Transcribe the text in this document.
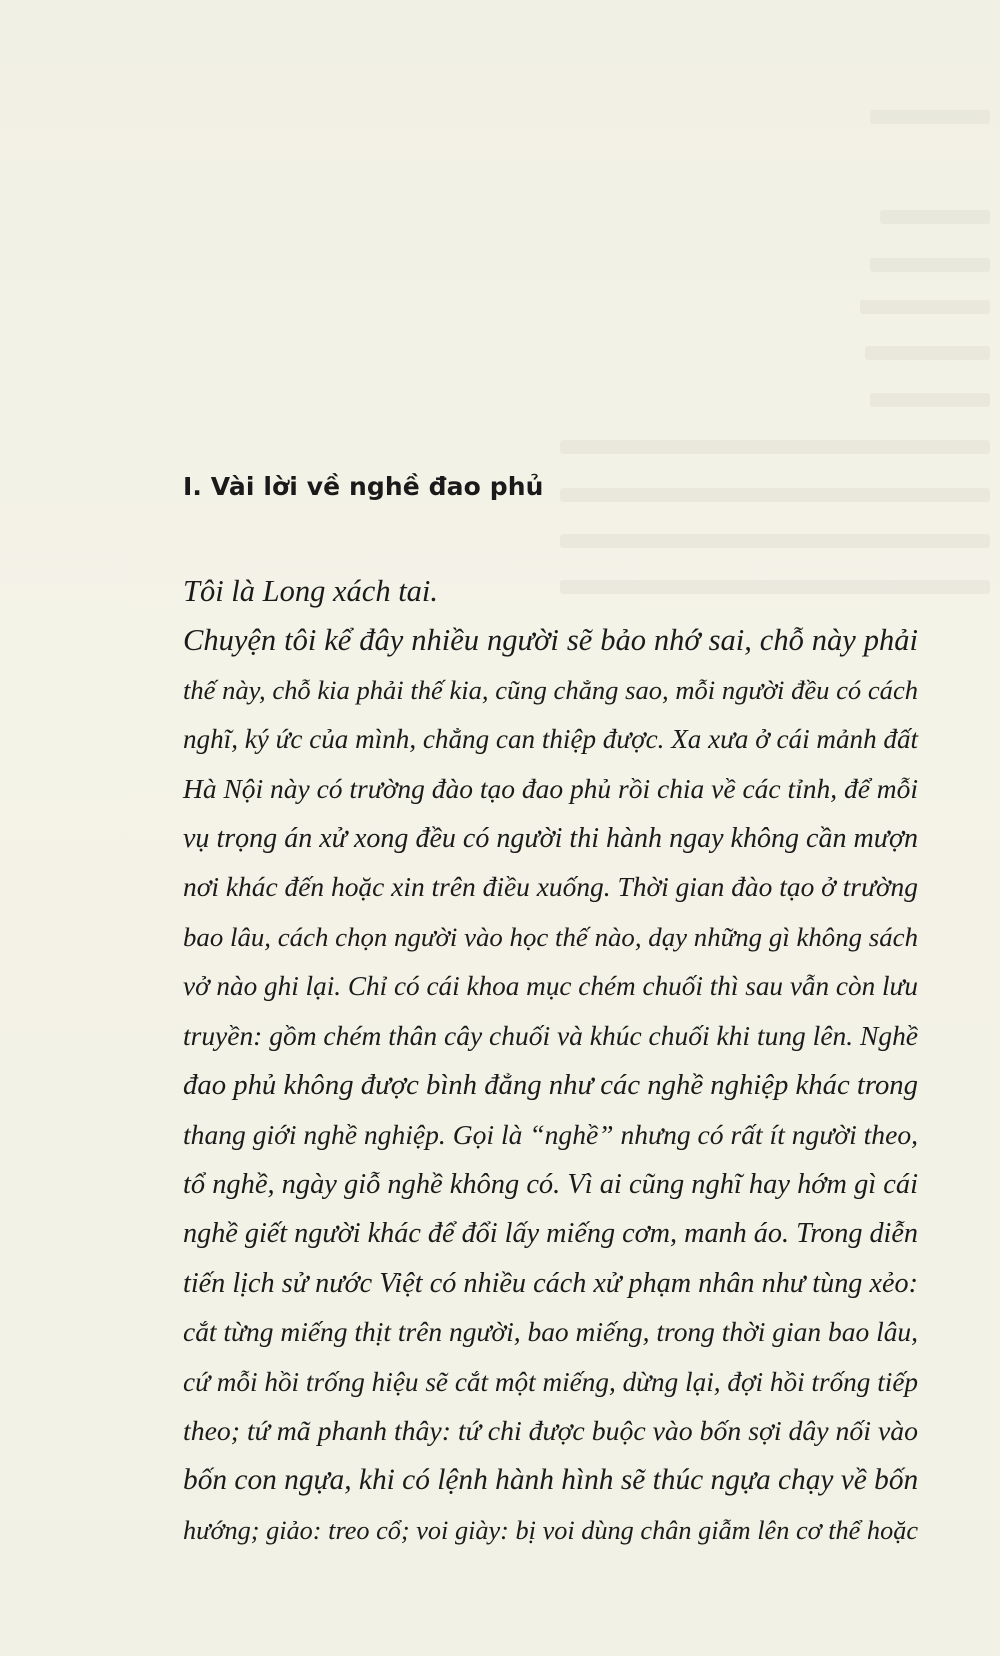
I. Vài lời về nghề đao phủ
Tôi là Long xách tai.
Chuyện tôi kể đây nhiều người sẽ bảo nhớ sai, chỗ này phải
thế này, chỗ kia phải thế kia, cũng chẳng sao, mỗi người đều có cách
nghĩ, ký ức của mình, chẳng can thiệp được. Xa xưa ở cái mảnh đất
Hà Nội này có trường đào tạo đao phủ rồi chia về các tỉnh, để mỗi
vụ trọng án xử xong đều có người thi hành ngay không cần mượn
nơi khác đến hoặc xin trên điều xuống. Thời gian đào tạo ở trường
bao lâu, cách chọn người vào học thế nào, dạy những gì không sách
vở nào ghi lại. Chỉ có cái khoa mục chém chuối thì sau vẫn còn lưu
truyền: gồm chém thân cây chuối và khúc chuối khi tung lên. Nghề
đao phủ không được bình đẳng như các nghề nghiệp khác trong
thang giới nghề nghiệp. Gọi là “nghề” nhưng có rất ít người theo,
tổ nghề, ngày giỗ nghề không có. Vì ai cũng nghĩ hay hớm gì cái
nghề giết người khác để đổi lấy miếng cơm, manh áo. Trong diễn
tiến lịch sử nước Việt có nhiều cách xử phạm nhân như tùng xẻo:
cắt từng miếng thịt trên người, bao miếng, trong thời gian bao lâu,
cứ mỗi hồi trống hiệu sẽ cắt một miếng, dừng lại, đợi hồi trống tiếp
theo; tứ mã phanh thây: tứ chi được buộc vào bốn sợi dây nối vào
bốn con ngựa, khi có lệnh hành hình sẽ thúc ngựa chạy về bốn
hướng; giảo: treo cổ; voi giày: bị voi dùng chân giẫm lên cơ thể hoặc
